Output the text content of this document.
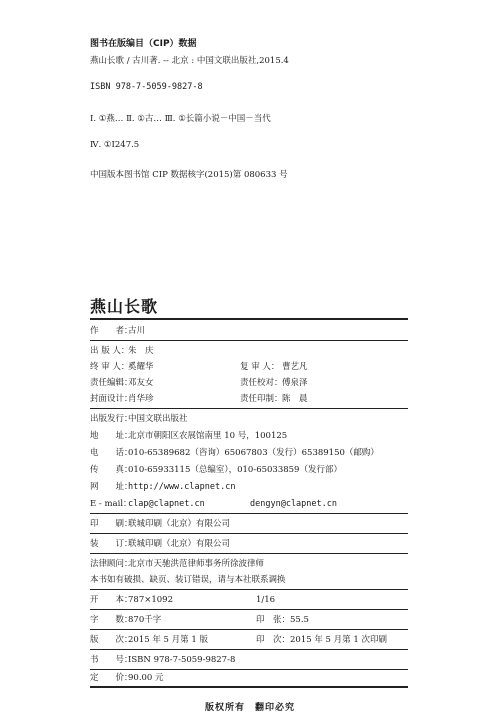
图书在版编目（CIP）数据
燕山长歌 / 古川著. -- 北京 : 中国文联出版社,2015.4
ISBN 978-7-5059-9827-8
Ⅰ. ①燕… Ⅱ. ①古… Ⅲ. ①长篇小说－中国－当代
Ⅳ. ①I247.5
中国版本图书馆 CIP 数据核字(2015)第 080633 号
燕山长歌
作　　者：
古川
出 版 人：
朱　庆
终 审 人：
奚耀华	复 审 人： 曹艺凡
责任编辑：
邓友女	责任校对： 傅泉泽
封面设计：
肖华珍	责任印制： 陈　晨
出版发行：
中国文联出版社
地　　址：
北京市朝阳区农展馆南里 10 号，100125
电　　话：
010-65389682（咨询）65067803（发行）65389150（邮购）
传　　真：
010-65933115（总编室），010-65033859（发行部）
网　　址：
http://www.clapnet.cn
E - mail：
clap@clapnet.cn	dengyn@clapnet.cn
印　　刷：
联城印刷（北京）有限公司
装　　订：
联城印刷（北京）有限公司
法律顾问：
北京市天驰洪范律师事务所徐波律师
本书如有破损、缺页、装订错误，请与本社联系调换
开　　本：
787×1092	1/16
字　　数：
870千字	印　张： 55.5
版　　次：
2015 年 5 月第 1 版	印　次： 2015 年 5 月第 1 次印刷
书　　号：
ISBN 978-7-5059-9827-8
定　　价：
90.00 元
版权所有　翻印必究
